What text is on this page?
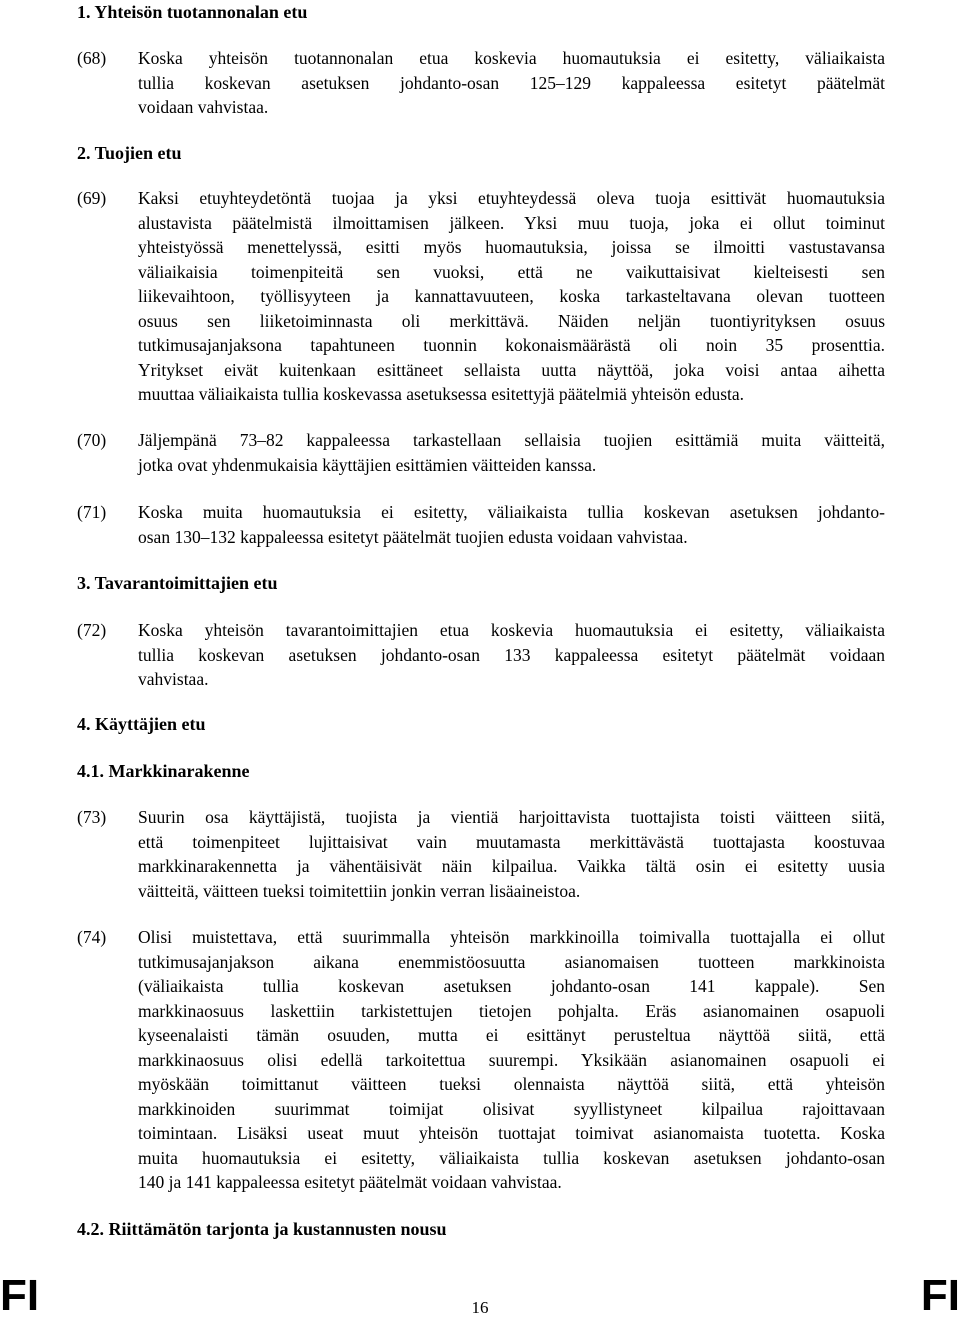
1. Yhteisön tuotannonalan etu
(68) Koska yhteisön tuotannonalan etua koskevia huomautuksia ei esitetty, väliaikaista
tullia koskevan asetuksen johdanto-osan 125–129 kappaleessa esitetyt päätelmät
voidaan vahvistaa.
2. Tuojien etu
(69) Kaksi etuyhteydetöntä tuojaa ja yksi etuyhteydessä oleva tuoja esittivät huomautuksia
alustavista päätelmistä ilmoittamisen jälkeen. Yksi muu tuoja, joka ei ollut toiminut
yhteistyössä menettelyssä, esitti myös huomautuksia, joissa se ilmoitti vastustavansa
väliaikaisia toimenpiteitä sen vuoksi, että ne vaikuttaisivat kielteisesti sen
liikevaihtoon, työllisyyteen ja kannattavuuteen, koska tarkasteltavana olevan tuotteen
osuus sen liiketoiminnasta oli merkittävä. Näiden neljän tuontiyrityksen osuus
tutkimusajanjaksona tapahtuneen tuonnin kokonaismäärästä oli noin 35 prosenttia.
Yritykset eivät kuitenkaan esittäneet sellaista uutta näyttöä, joka voisi antaa aihetta
muuttaa väliaikaista tullia koskevassa asetuksessa esitettyjä päätelmiä yhteisön edusta.
(70) Jäljempänä 73–82 kappaleessa tarkastellaan sellaisia tuojien esittämiä muita väitteitä,
jotka ovat yhdenmukaisia käyttäjien esittämien väitteiden kanssa.
(71) Koska muita huomautuksia ei esitetty, väliaikaista tullia koskevan asetuksen johdanto-
osan 130–132 kappaleessa esitetyt päätelmät tuojien edusta voidaan vahvistaa.
3. Tavarantoimittajien etu
(72) Koska yhteisön tavarantoimittajien etua koskevia huomautuksia ei esitetty, väliaikaista
tullia koskevan asetuksen johdanto-osan 133 kappaleessa esitetyt päätelmät voidaan
vahvistaa.
4. Käyttäjien etu
4.1. Markkinarakenne
(73) Suurin osa käyttäjistä, tuojista ja vientiä harjoittavista tuottajista toisti väitteen siitä,
että toimenpiteet lujittaisivat vain muutamasta merkittävästä tuottajasta koostuvaa
markkinarakennetta ja vähentäisivät näin kilpailua. Vaikka tältä osin ei esitetty uusia
väitteitä, väitteen tueksi toimitettiin jonkin verran lisäaineistoa.
(74) Olisi muistettava, että suurimmalla yhteisön markkinoilla toimivalla tuottajalla ei ollut
tutkimusajanjakson aikana enemmistöosuutta asianomaisen tuotteen markkinoista
(väliaikaista tullia koskevan asetuksen johdanto-osan 141 kappale). Sen
markkinaosuus laskettiin tarkistettujen tietojen pohjalta. Eräs asianomainen osapuoli
kyseenalaisti tämän osuuden, mutta ei esittänyt perusteltua näyttöä siitä, että
markkinaosuus olisi edellä tarkoitettua suurempi. Yksikään asianomainen osapuoli ei
myöskään toimittanut väitteen tueksi olennaista näyttöä siitä, että yhteisön
markkinoiden suurimmat toimijat olisivat syyllistyneet kilpailua rajoittavaan
toimintaan. Lisäksi useat muut yhteisön tuottajat toimivat asianomaista tuotetta. Koska
muita huomautuksia ei esitetty, väliaikaista tullia koskevan asetuksen johdanto-osan
140 ja 141 kappaleessa esitetyt päätelmät voidaan vahvistaa.
4.2. Riittämätön tarjonta ja kustannusten nousu
FI	16	FI
